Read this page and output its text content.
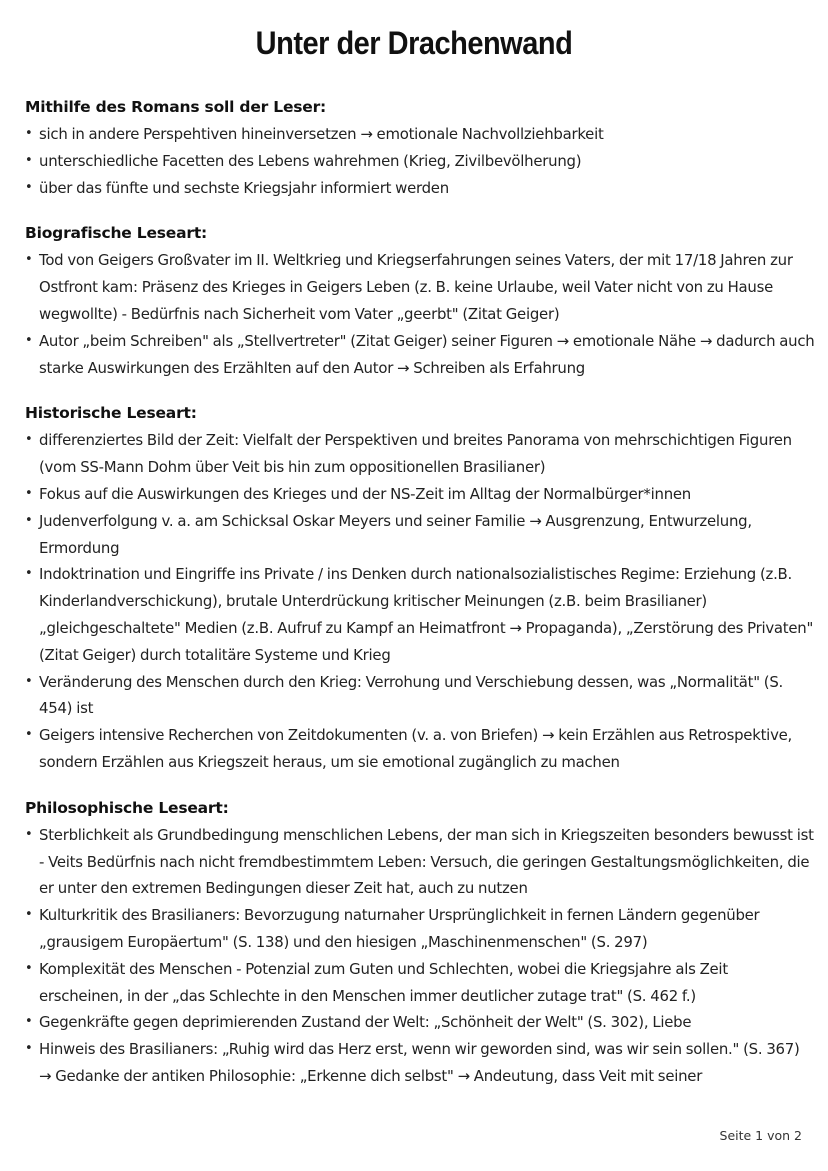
Unter der Drachenwand
Mithilfe des Romans soll der Leser:
• sich in andere Perspehtiven hineinversetzen → emotionale Nachvollziehbarkeit
• unterschiedliche Facetten des Lebens wahrehmen (Krieg, Zivilbevölherung)
• über das fünfte und sechste Kriegsjahr informiert werden
Biografische Leseart:
• Tod von Geigers Großvater im II. Weltkrieg und Kriegserfahrungen seines Vaters, der mit 17/18 Jahren zur Ostfront kam: Präsenz des Krieges in Geigers Leben (z. B. keine Urlaube, weil Vater nicht von zu Hause wegwollte) - Bedürfnis nach Sicherheit vom Vater „geerbt" (Zitat Geiger)
• Autor „beim Schreiben" als „Stellvertreter" (Zitat Geiger) seiner Figuren → emotionale Nähe → dadurch auch starke Auswirkungen des Erzählten auf den Autor → Schreiben als Erfahrung
Historische Leseart:
• differenziertes Bild der Zeit: Vielfalt der Perspektiven und breites Panorama von mehrschichtigen Figuren (vom SS-Mann Dohm über Veit bis hin zum oppositionellen Brasilianer)
• Fokus auf die Auswirkungen des Krieges und der NS-Zeit im Alltag der Normalbürger*innen
• Judenverfolgung v. a. am Schicksal Oskar Meyers und seiner Familie → Ausgrenzung, Entwurzelung, Ermordung
• Indoktrination und Eingriffe ins Private / ins Denken durch nationalsozialistisches Regime: Erziehung (z.B. Kinderlandverschickung), brutale Unterdrückung kritischer Meinungen (z.B. beim Brasilianer) „gleichgeschaltete" Medien (z.B. Aufruf zu Kampf an Heimatfront → Propaganda), „Zerstörung des Privaten" (Zitat Geiger) durch totalitäre Systeme und Krieg
• Veränderung des Menschen durch den Krieg: Verrohung und Verschiebung dessen, was „Normalität" (S. 454) ist
• Geigers intensive Recherchen von Zeitdokumenten (v. a. von Briefen) → kein Erzählen aus Retrospektive, sondern Erzählen aus Kriegszeit heraus, um sie emotional zugänglich zu machen
Philosophische Leseart:
• Sterblichkeit als Grundbedingung menschlichen Lebens, der man sich in Kriegszeiten besonders bewusst ist - Veits Bedürfnis nach nicht fremdbestimmtem Leben: Versuch, die geringen Gestaltungsmöglichkeiten, die er unter den extremen Bedingungen dieser Zeit hat, auch zu nutzen
• Kulturkritik des Brasilianers: Bevorzugung naturnaher Ursprünglichkeit in fernen Ländern gegenüber „grausigem Europäertum" (S. 138) und den hiesigen „Maschinenmenschen" (S. 297)
• Komplexität des Menschen - Potenzial zum Guten und Schlechten, wobei die Kriegsjahre als Zeit erscheinen, in der „das Schlechte in den Menschen immer deutlicher zutage trat" (S. 462 f.)
• Gegenkräfte gegen deprimierenden Zustand der Welt: „Schönheit der Welt" (S. 302), Liebe
• Hinweis des Brasilianers: „Ruhig wird das Herz erst, wenn wir geworden sind, was wir sein sollen." (S. 367) → Gedanke der antiken Philosophie: „Erkenne dich selbst" → Andeutung, dass Veit mit seiner
Seite 1 von 2
